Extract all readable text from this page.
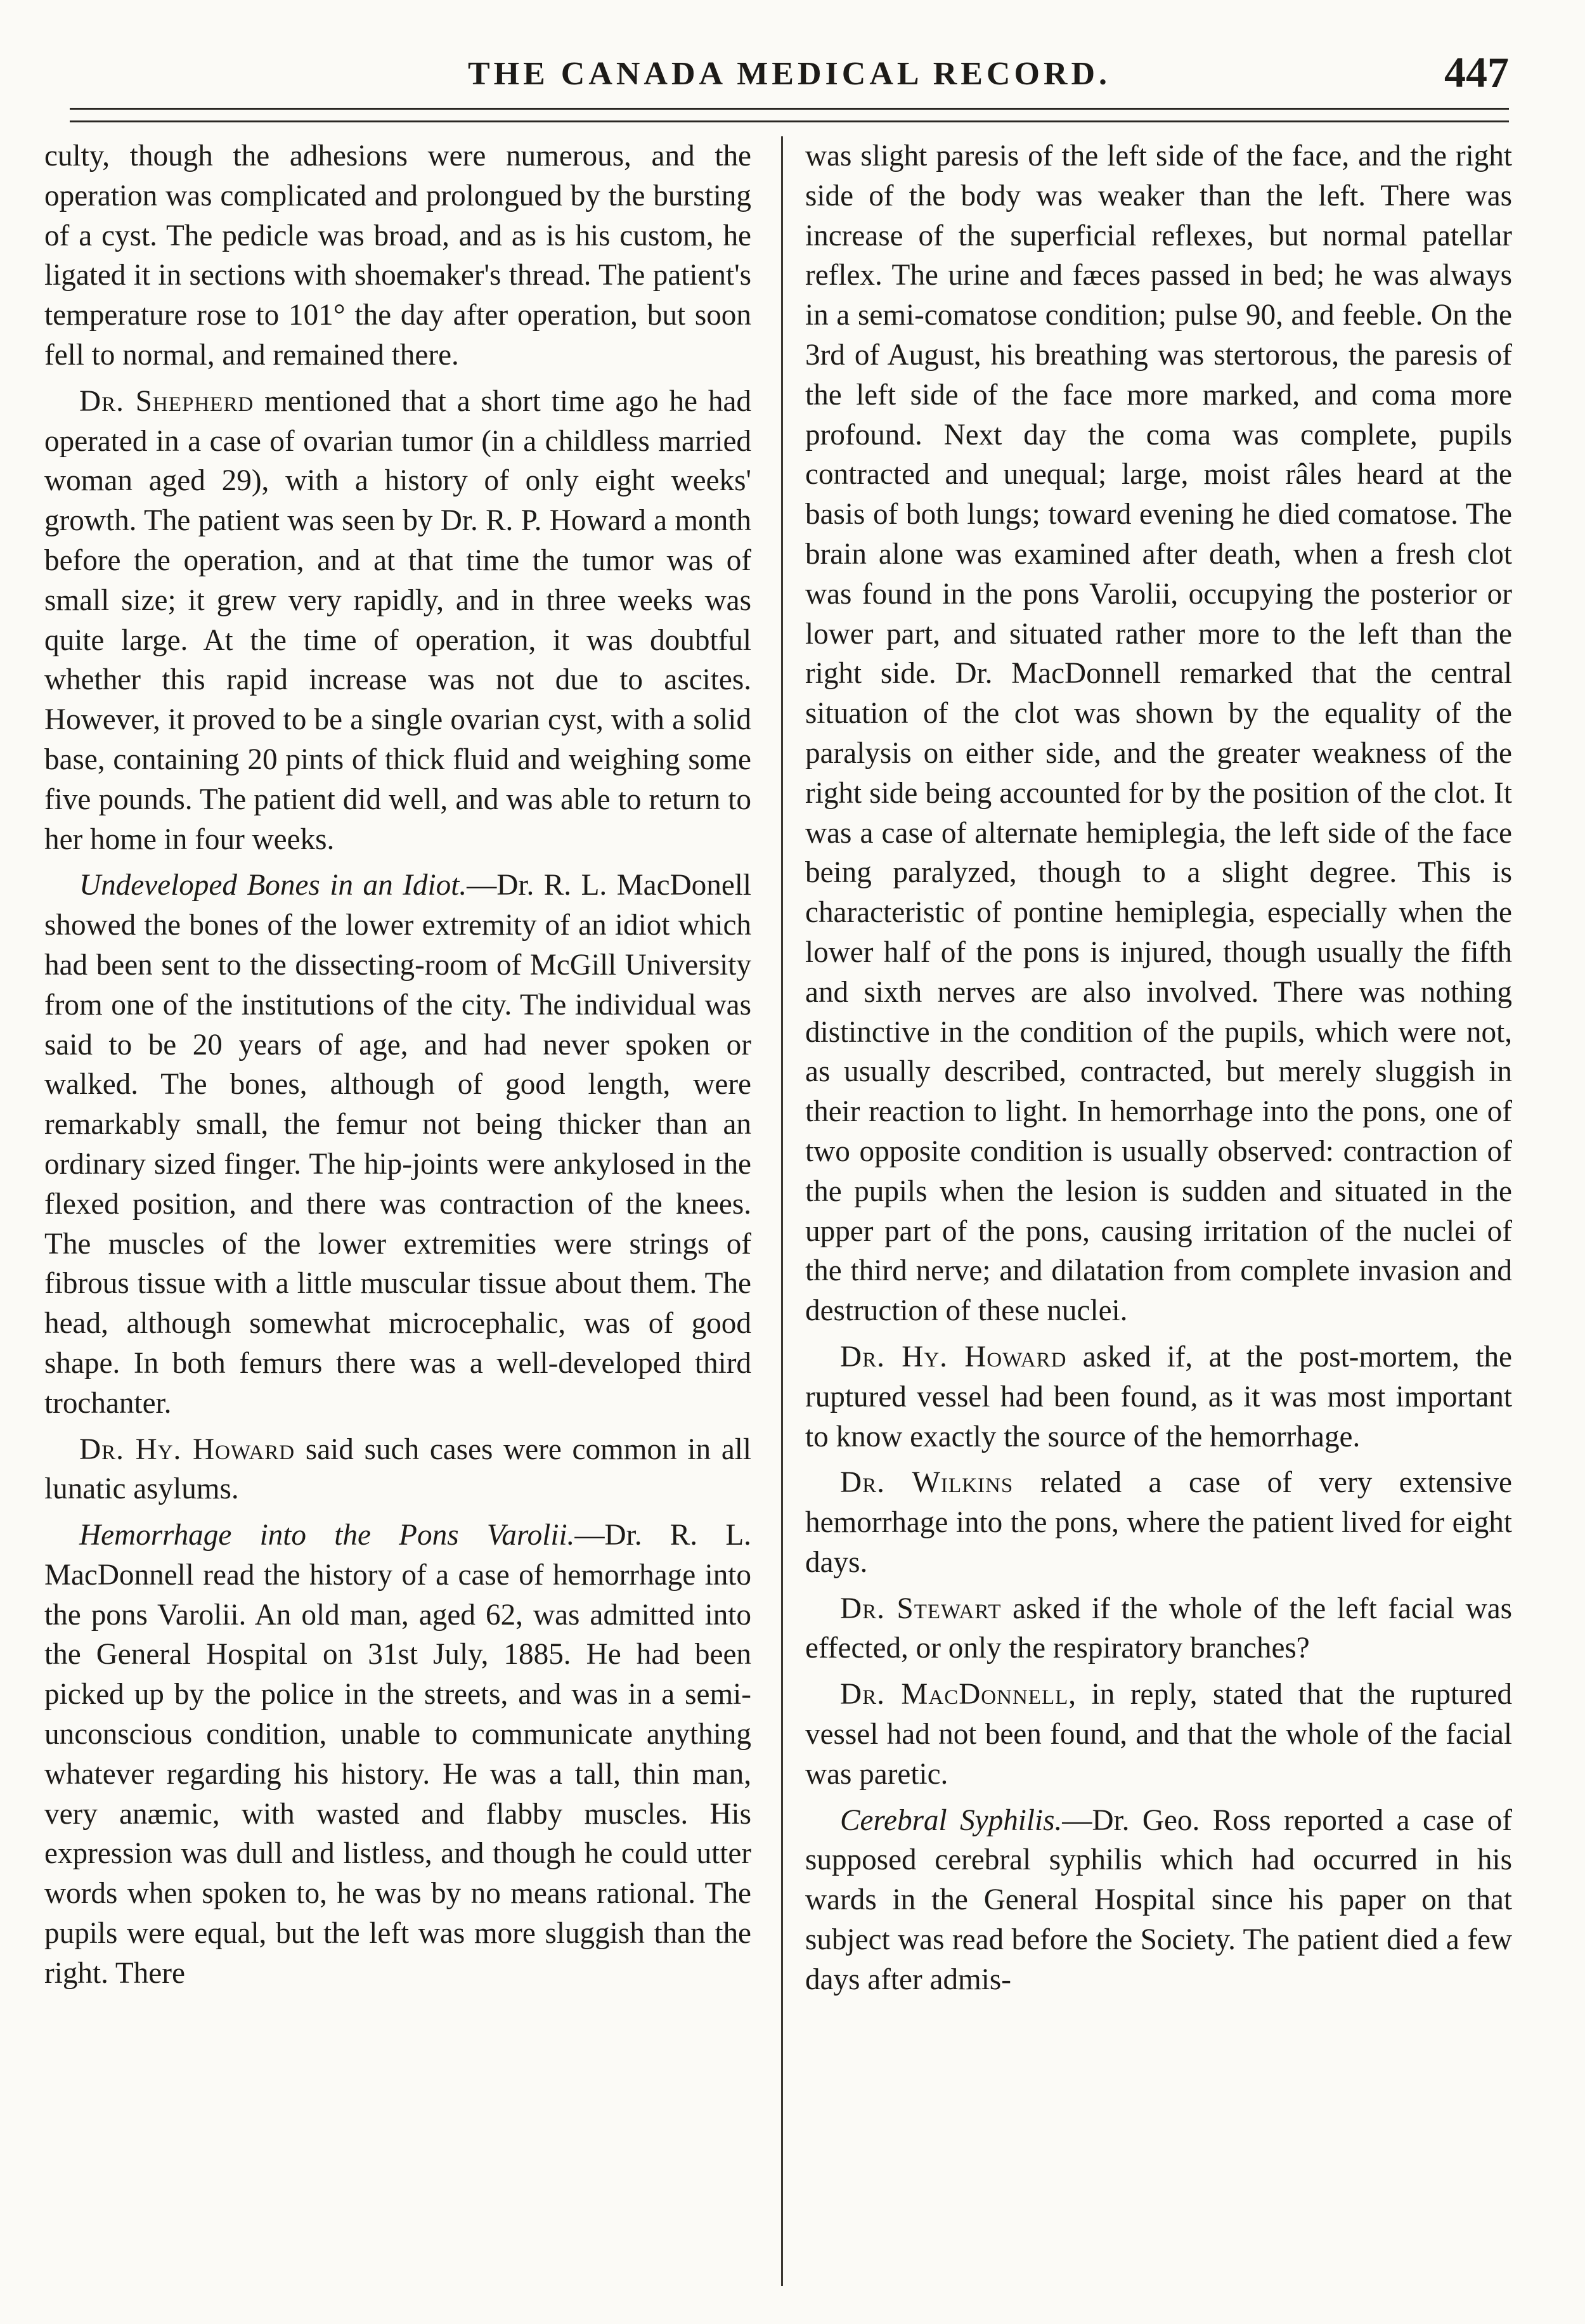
THE CANADA MEDICAL RECORD.	447

culty, though the adhesions were numerous, and the operation was complicated and prolongued by the bursting of a cyst. The pedicle was broad, and as is his custom, he ligated it in sections with shoemaker's thread. The patient's temperature rose to 101° the day after operation, but soon fell to normal, and remained there.

Dr. Shepherd mentioned that a short time ago he had operated in a case of ovarian tumor (in a childless married woman aged 29), with a history of only eight weeks' growth. The patient was seen by Dr. R. P. Howard a month before the operation, and at that time the tumor was of small size; it grew very rapidly, and in three weeks was quite large. At the time of operation, it was doubtful whether this rapid increase was not due to ascites. However, it proved to be a single ovarian cyst, with a solid base, containing 20 pints of thick fluid and weighing some five pounds. The patient did well, and was able to return to her home in four weeks.

Undeveloped Bones in an Idiot.—Dr. R. L. MacDonell showed the bones of the lower extremity of an idiot which had been sent to the dissecting-room of McGill University from one of the institutions of the city. The individual was said to be 20 years of age, and had never spoken or walked. The bones, although of good length, were remarkably small, the femur not being thicker than an ordinary sized finger. The hip-joints were ankylosed in the flexed position, and there was contraction of the knees. The muscles of the lower extremities were strings of fibrous tissue with a little muscular tissue about them. The head, although somewhat microcephalic, was of good shape. In both femurs there was a well-developed third trochanter.

Dr. Hy. Howard said such cases were common in all lunatic asylums.

Hemorrhage into the Pons Varolii.—Dr. R. L. MacDonnell read the history of a case of hemorrhage into the pons Varolii. An old man, aged 62, was admitted into the General Hospital on 31st July, 1885. He had been picked up by the police in the streets, and was in a semi-unconscious condition, unable to communicate anything whatever regarding his history. He was a tall, thin man, very anæmic, with wasted and flabby muscles. His expression was dull and listless, and though he could utter words when spoken to, he was by no means rational. The pupils were equal, but the left was more sluggish than the right. There

was slight paresis of the left side of the face, and the right side of the body was weaker than the left. There was increase of the superficial reflexes, but normal patellar reflex. The urine and fæces passed in bed; he was always in a semi-comatose condition; pulse 90, and feeble. On the 3rd of August, his breathing was stertorous, the paresis of the left side of the face more marked, and coma more profound. Next day the coma was complete, pupils contracted and unequal; large, moist râles heard at the basis of both lungs; toward evening he died comatose. The brain alone was examined after death, when a fresh clot was found in the pons Varolii, occupying the posterior or lower part, and situated rather more to the left than the right side. Dr. MacDonnell remarked that the central situation of the clot was shown by the equality of the paralysis on either side, and the greater weakness of the right side being accounted for by the position of the clot. It was a case of alternate hemiplegia, the left side of the face being paralyzed, though to a slight degree. This is characteristic of pontine hemiplegia, especially when the lower half of the pons is injured, though usually the fifth and sixth nerves are also involved. There was nothing distinctive in the condition of the pupils, which were not, as usually described, contracted, but merely sluggish in their reaction to light. In hemorrhage into the pons, one of two opposite condition is usually observed: contraction of the pupils when the lesion is sudden and situated in the upper part of the pons, causing irritation of the nuclei of the third nerve; and dilatation from complete invasion and destruction of these nuclei.

Dr. Hy. Howard asked if, at the post-mortem, the ruptured vessel had been found, as it was most important to know exactly the source of the hemorrhage.

Dr. Wilkins related a case of very extensive hemorrhage into the pons, where the patient lived for eight days.

Dr. Stewart asked if the whole of the left facial was effected, or only the respiratory branches?

Dr. MacDonnell, in reply, stated that the ruptured vessel had not been found, and that the whole of the facial was paretic.

Cerebral Syphilis.—Dr. Geo. Ross reported a case of supposed cerebral syphilis which had occurred in his wards in the General Hospital since his paper on that subject was read before the Society. The patient died a few days after admis-
